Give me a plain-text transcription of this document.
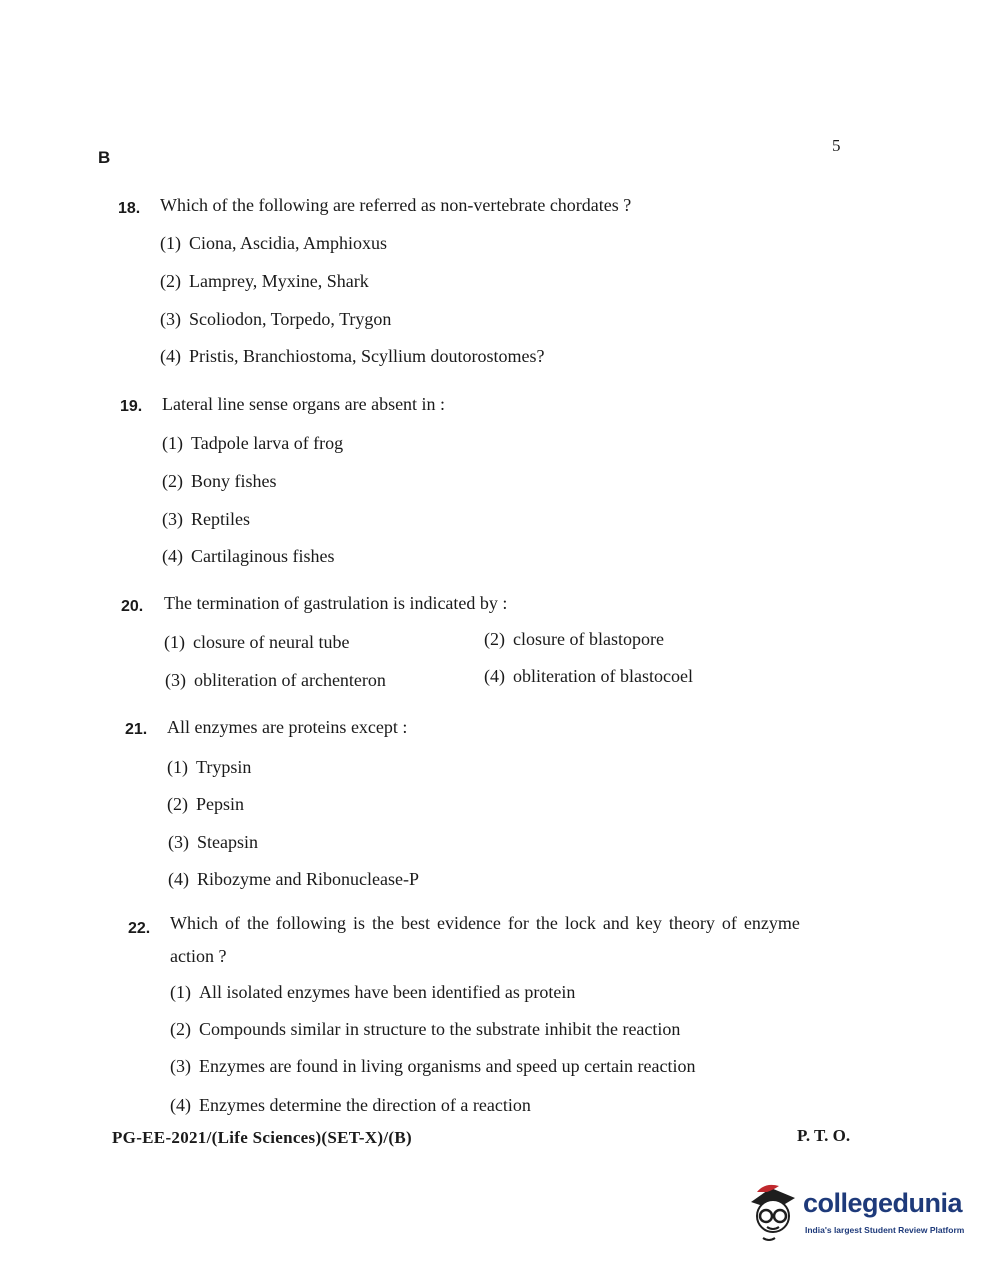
B
5
18. Which of the following are referred as non-vertebrate chordates ?
(1) Ciona, Ascidia, Amphioxus
(2) Lamprey, Myxine, Shark
(3) Scoliodon, Torpedo, Trygon
(4) Pristis, Branchiostoma, Scyllium doutorostomes?
19. Lateral line sense organs are absent in :
(1) Tadpole larva of frog
(2) Bony fishes
(3) Reptiles
(4) Cartilaginous fishes
20. The termination of gastrulation is indicated by :
(1) closure of neural tube	(2) closure of blastopore
(3) obliteration of archenteron	(4) obliteration of blastocoel
21. All enzymes are proteins except :
(1) Trypsin
(2) Pepsin
(3) Steapsin
(4) Ribozyme and Ribonuclease-P
22. Which of the following is the best evidence for the lock and key theory of enzyme
action ?
(1) All isolated enzymes have been identified as protein
(2) Compounds similar in structure to the substrate inhibit the reaction
(3) Enzymes are found in living organisms and speed up certain reaction
(4) Enzymes determine the direction of a reaction
PG-EE-2021/(Life Sciences)(SET-X)/(B)	P. T. O.
collegedunia
India's largest Student Review Platform
